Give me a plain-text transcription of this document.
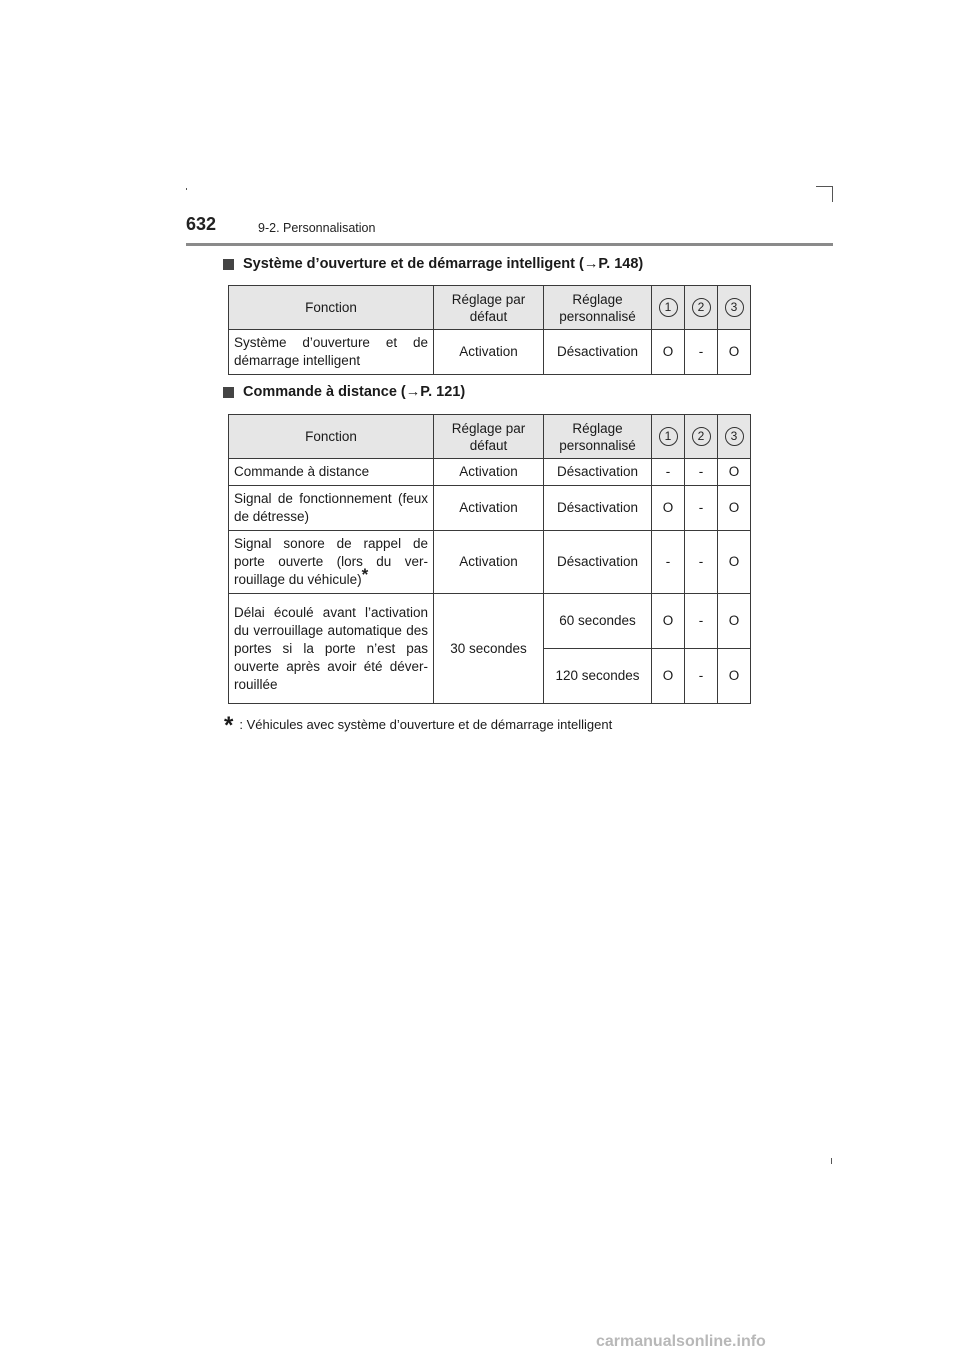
632	9-2. Personnalisation
Système d’ouverture et de démarrage intelligent ( → P. 148)
Fonction	Réglage par défaut	Réglage personnalisé	1	2	3
Système d’ouverture et de démarrage intelligent	Activation	Désactivation	O	-	O
Commande à distance ( → P. 121)
Fonction	Réglage par défaut	Réglage personnalisé	1	2	3
Commande à distance	Activation	Désactivation	-	-	O
Signal de fonctionnement (feux de détresse)	Activation	Désactivation	O	-	O
Signal sonore de rappel de porte ouverte (lors du ver-rouillage du véhicule)*	Activation	Désactivation	-	-	O
Délai écoulé avant l’activation du verrouillage automatique des portes si la porte n’est pas ouverte après avoir été déver-rouillée	30 secondes	60 secondes	O	-	O
		120 secondes	O	-	O
* : Véhicules avec système d’ouverture et de démarrage intelligent
carmanualsonline.info
